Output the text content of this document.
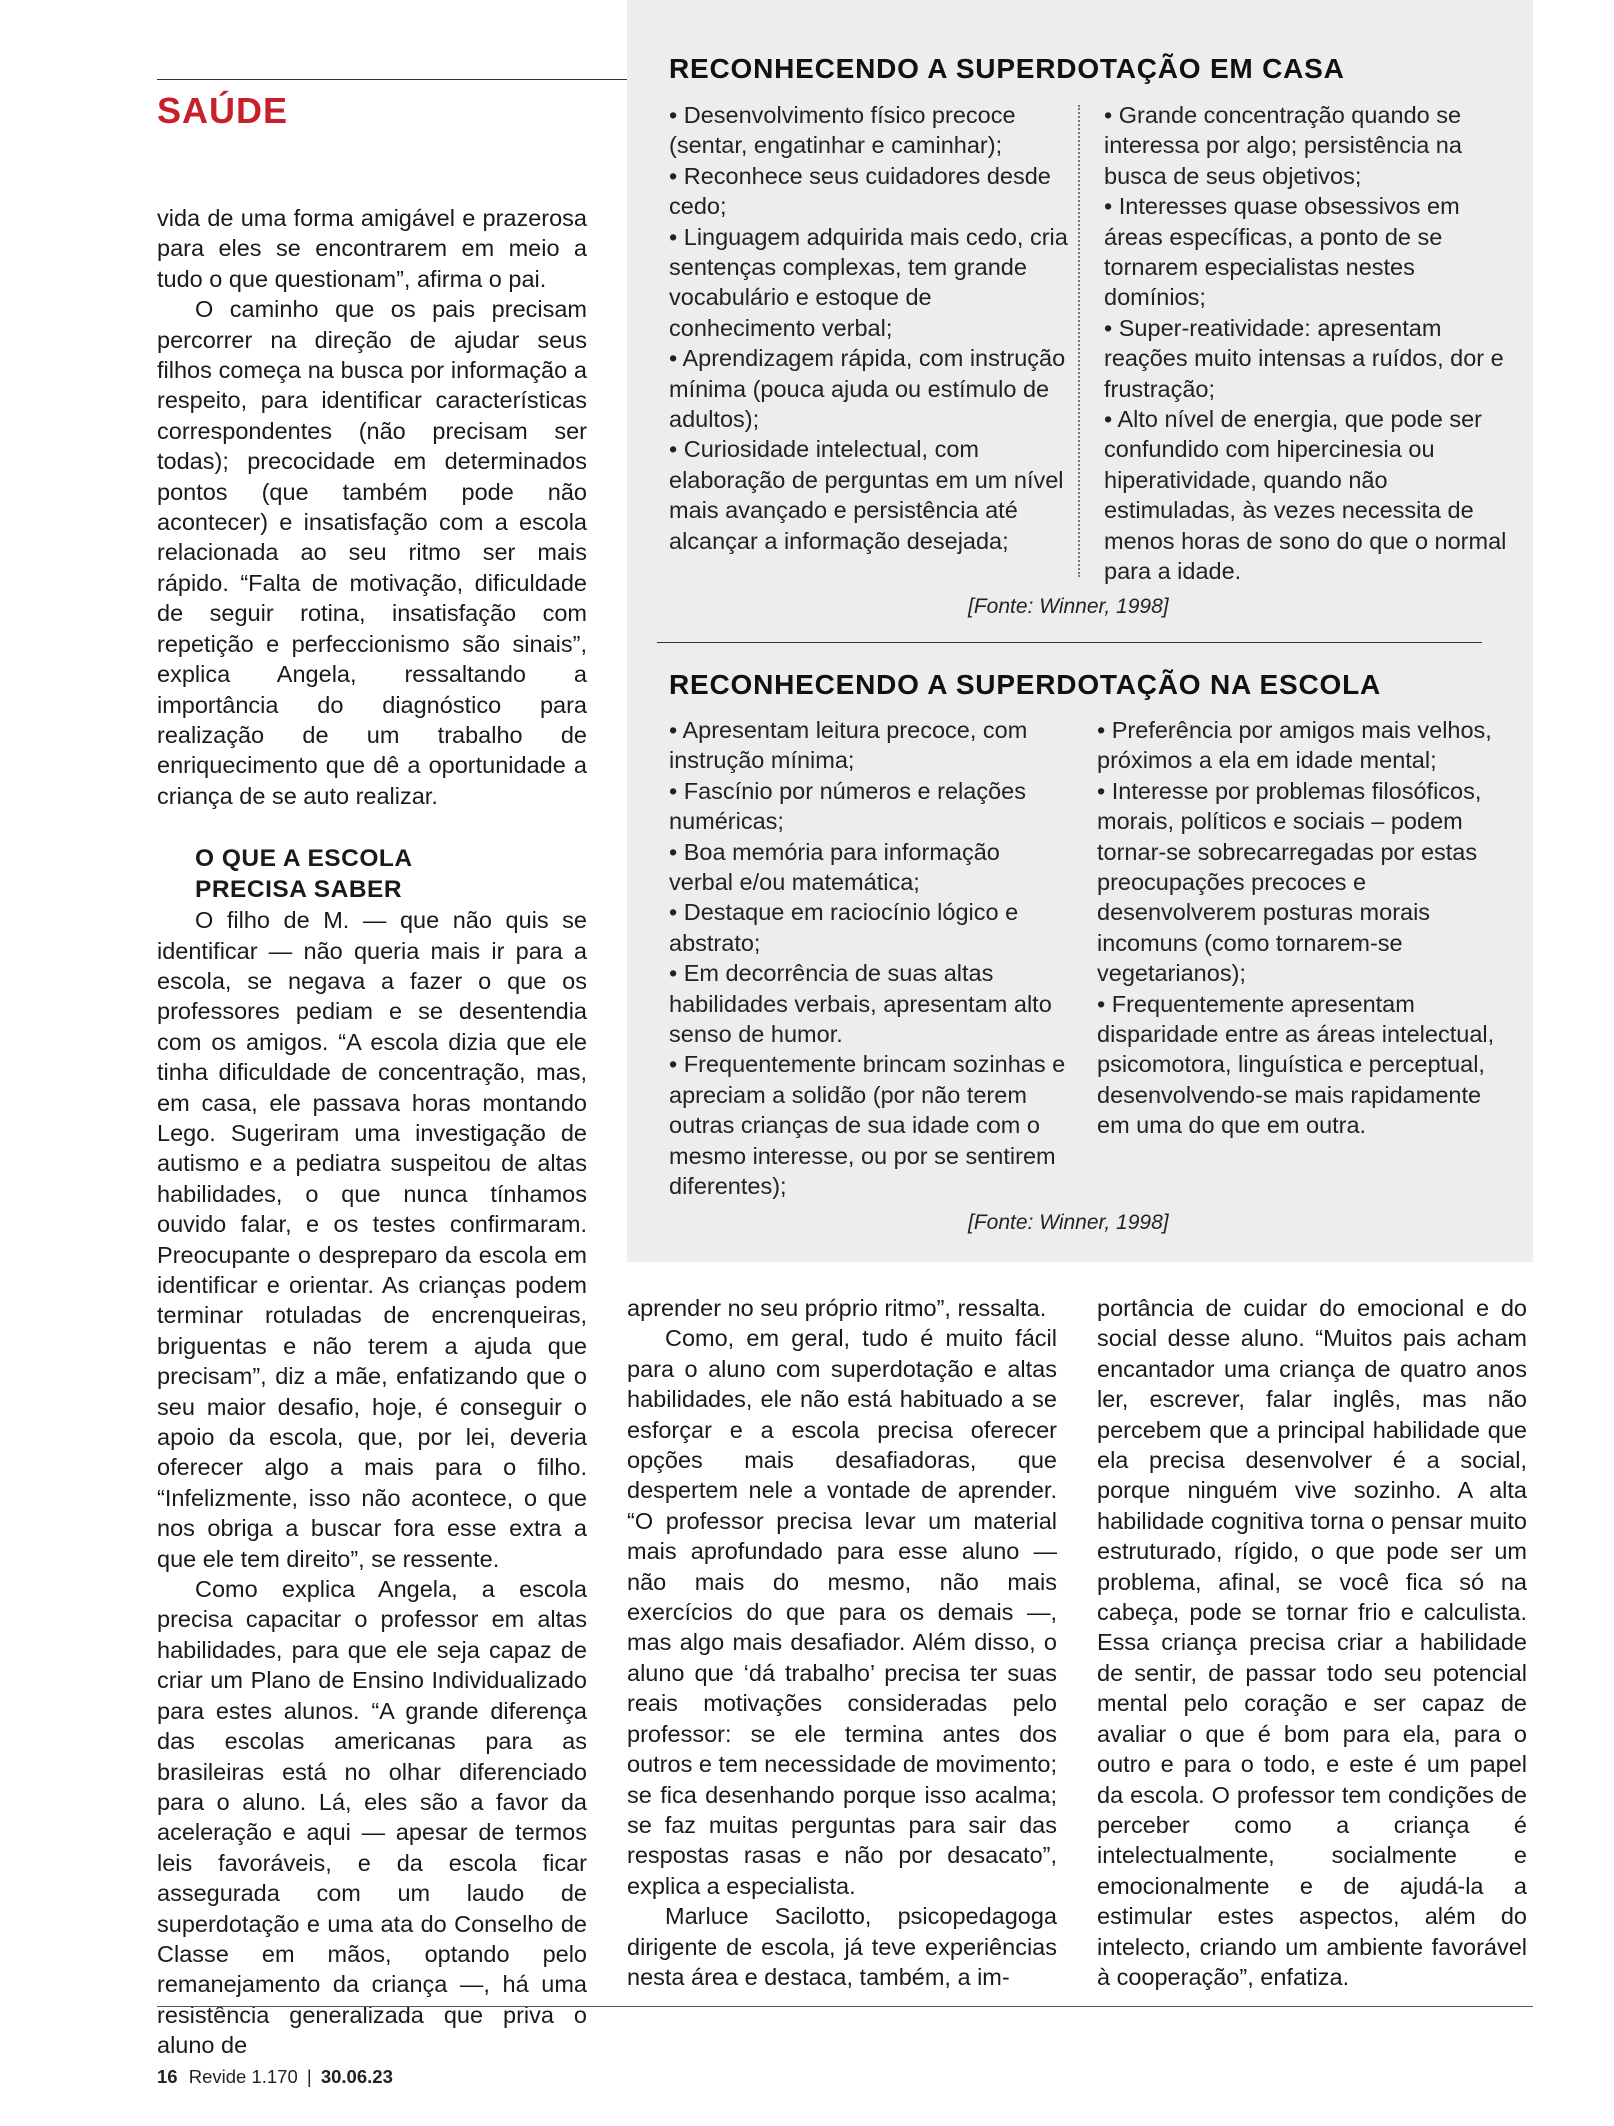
SAÚDE

vida de uma forma amigável e prazerosa para eles se encontrarem em meio a tudo o que questionam”, afirma o pai.

O caminho que os pais precisam percorrer na direção de ajudar seus filhos começa na busca por informação a respeito, para identificar características correspondentes (não precisam ser todas); precocidade em determinados pontos (que também pode não acontecer) e insatisfação com a escola relacionada ao seu ritmo ser mais rápido. “Falta de motivação, dificuldade de seguir rotina, insatisfação com repetição e perfeccionismo são sinais”, explica Angela, ressaltando a importância do diagnóstico para realização de um trabalho de enriquecimento que dê a oportunidade a criança de se auto realizar.

O QUE A ESCOLA
PRECISA SABER

O filho de M. — que não quis se identificar — não queria mais ir para a escola, se negava a fazer o que os professores pediam e se desentendia com os amigos. “A escola dizia que ele tinha dificuldade de concentração, mas, em casa, ele passava horas montando Lego. Sugeriram uma investigação de autismo e a pediatra suspeitou de altas habilidades, o que nunca tínhamos ouvido falar, e os testes confirmaram. Preocupante o despreparo da escola em identificar e orientar. As crianças podem terminar rotuladas de encrenqueiras, briguentas e não terem a ajuda que precisam”, diz a mãe, enfatizando que o seu maior desafio, hoje, é conseguir o apoio da escola, que, por lei, deveria oferecer algo a mais para o filho. “Infelizmente, isso não acontece, o que nos obriga a buscar fora esse extra a que ele tem direito”, se ressente.

Como explica Angela, a escola precisa capacitar o professor em altas habilidades, para que ele seja capaz de criar um Plano de Ensino Individualizado para estes alunos. “A grande diferença das escolas americanas para as brasileiras está no olhar diferenciado para o aluno. Lá, eles são a favor da aceleração e aqui — apesar de termos leis favoráveis, e da escola ficar assegurada com um laudo de superdotação e uma ata do Conselho de Classe em mãos, optando pelo remanejamento da criança —, há uma resistência generalizada que priva o aluno de

RECONHECENDO A SUPERDOTAÇÃO EM CASA
• Desenvolvimento físico precoce (sentar, engatinhar e caminhar);
• Reconhece seus cuidadores desde cedo;
• Linguagem adquirida mais cedo, cria sentenças complexas, tem grande vocabulário e estoque de conhecimento verbal;
• Aprendizagem rápida, com instrução mínima (pouca ajuda ou estímulo de adultos);
• Curiosidade intelectual, com elaboração de perguntas em um nível mais avançado e persistência até alcançar a informação desejada;
• Grande concentração quando se interessa por algo; persistência na busca de seus objetivos;
• Interesses quase obsessivos em áreas específicas, a ponto de se tornarem especialistas nestes domínios;
• Super-reatividade: apresentam reações muito intensas a ruídos, dor e frustração;
• Alto nível de energia, que pode ser confundido com hipercinesia ou hiperatividade, quando não estimuladas, às vezes necessita de menos horas de sono do que o normal para a idade.
[Fonte: Winner, 1998]
RECONHECENDO A SUPERDOTAÇÃO NA ESCOLA
• Apresentam leitura precoce, com instrução mínima;
• Fascínio por números e relações numéricas;
• Boa memória para informação verbal e/ou matemática;
• Destaque em raciocínio lógico e abstrato;
• Em decorrência de suas altas habilidades verbais, apresentam alto senso de humor.
• Frequentemente brincam sozinhas e apreciam a solidão (por não terem outras crianças de sua idade com o mesmo interesse, ou por se sentirem diferentes);
• Preferência por amigos mais velhos, próximos a ela em idade mental;
• Interesse por problemas filosóficos, morais, políticos e sociais – podem tornar-se sobrecarregadas por estas preocupações precoces e desenvolverem posturas morais incomuns (como tornarem-se vegetarianos);
• Frequentemente apresentam disparidade entre as áreas intelectual, psicomotora, linguística e perceptual, desenvolvendo-se mais rapidamente em uma do que em outra.
[Fonte: Winner, 1998]

aprender no seu próprio ritmo”, ressalta.

Como, em geral, tudo é muito fácil para o aluno com superdotação e altas habilidades, ele não está habituado a se esforçar e a escola precisa oferecer opções mais desafiadoras, que despertem nele a vontade de aprender. “O professor precisa levar um material mais aprofundado para esse aluno — não mais do mesmo, não mais exercícios do que para os demais —, mas algo mais desafiador. Além disso, o aluno que ‘dá trabalho’ precisa ter suas reais motivações consideradas pelo professor: se ele termina antes dos outros e tem necessidade de movimento; se fica desenhando porque isso acalma; se faz muitas perguntas para sair das respostas rasas e não por desacato”, explica a especialista.

Marluce Sacilotto, psicopedagoga dirigente de escola, já teve experiências nesta área e destaca, também, a im-

portância de cuidar do emocional e do social desse aluno. “Muitos pais acham encantador uma criança de quatro anos ler, escrever, falar inglês, mas não percebem que a principal habilidade que ela precisa desenvolver é a social, porque ninguém vive sozinho. A alta habilidade cognitiva torna o pensar muito estruturado, rígido, o que pode ser um problema, afinal, se você fica só na cabeça, pode se tornar frio e calculista. Essa criança precisa criar a habilidade de sentir, de passar todo seu potencial mental pelo coração e ser capaz de avaliar o que é bom para ela, para o outro e para o todo, e este é um papel da escola. O professor tem condições de perceber como a criança é intelectualmente, socialmente e emocionalmente e de ajudá-la a estimular estes aspectos, além do intelecto, criando um ambiente favorável à cooperação”, enfatiza.

16 Revide 1.170 | 30.06.23
